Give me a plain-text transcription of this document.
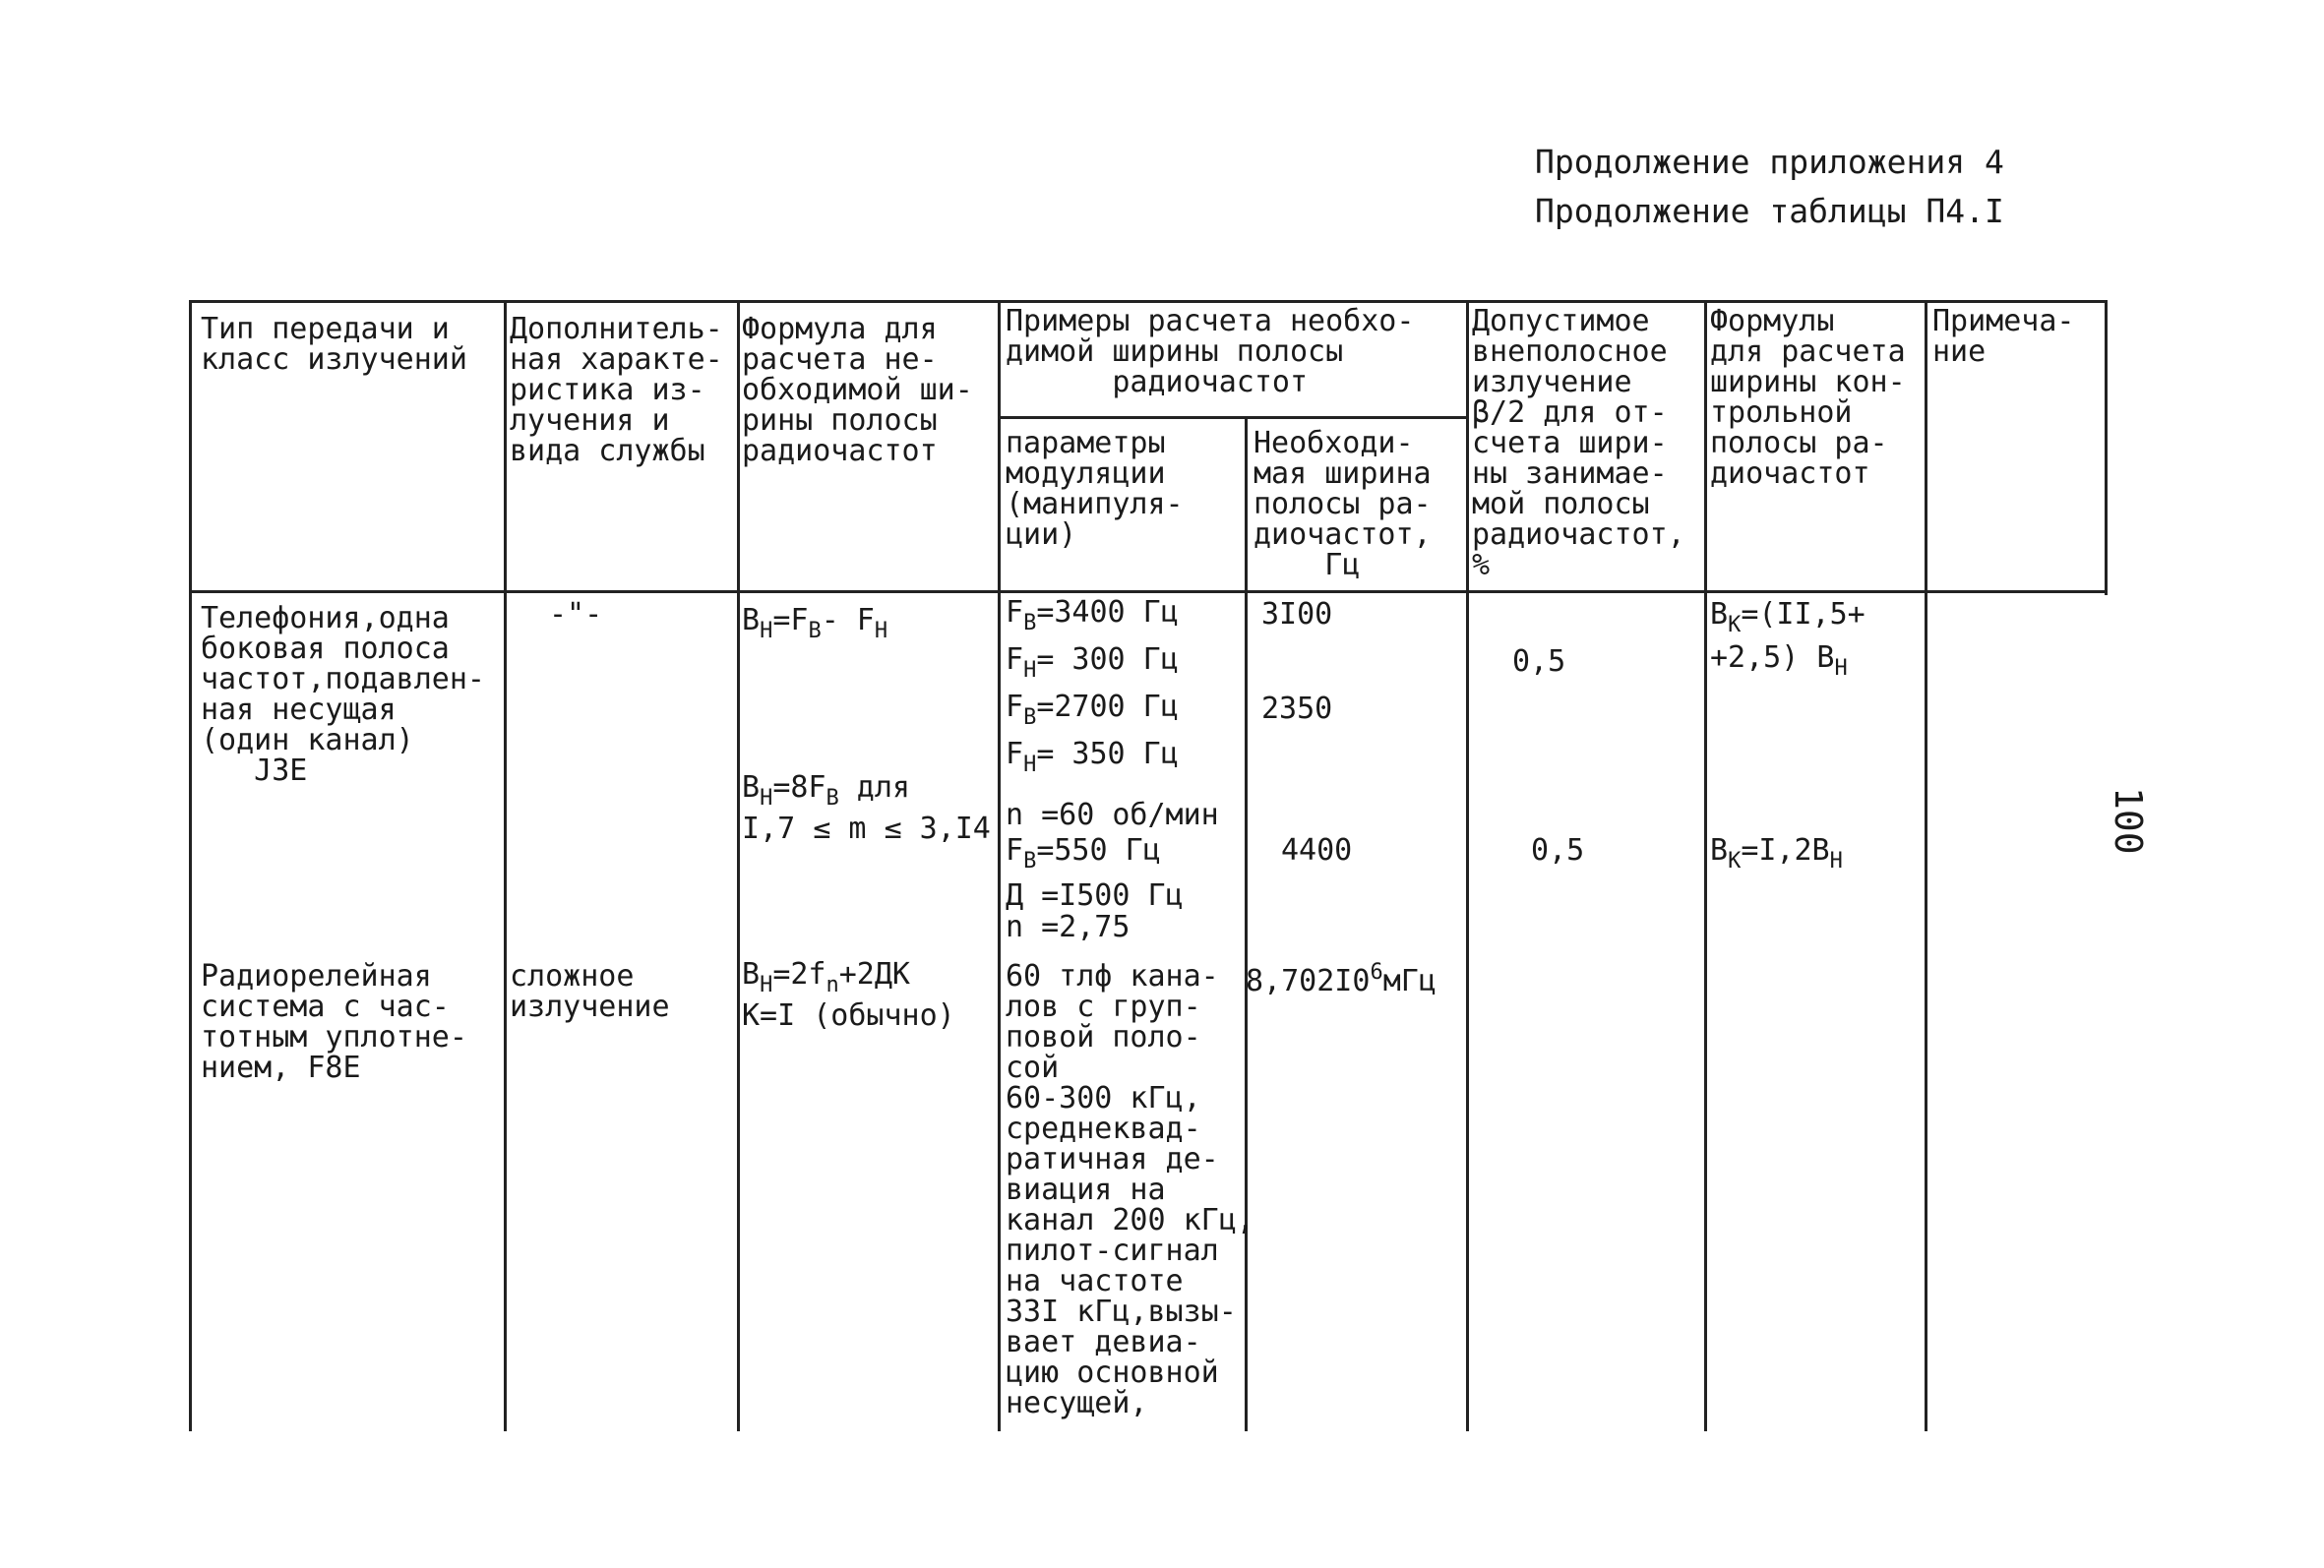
Продолжение приложения 4
Продолжение таблицы П4.I
100
Тип передачи и
класс излучений
Дополнитель-
ная характе-
ристика из-
лучения и
вида службы
Формула для
расчета не-
обходимой ши-
рины полосы
радиочастот
Примеры расчета необхо-
димой ширины полосы
радиочастот
параметры
модуляции
(манипуля-
ции)
Необходи-
мая ширина
полосы ра-
диочастот,
Гц
Допустимое
внеполосное
излучение
β/2 для от-
счета шири-
ны занимае-
мой полосы
радиочастот,
%
Формулы
для расчета
ширины кон-
трольной
полосы ра-
диочастот
Примеча-
ние
Телефония,одна
боковая полоса
частот,подавлен-
ная несущая
(один канал)
J3E
-"-	$B_H=F_B-$ $F_H$
$B_H=8F_B$ для
I,7 ≤ m ≤ 3,I4
$F_B=3400$ Гц
$F_H= 300$ Гц
$F_B=2700$ Гц
$F_H= 350$ Гц
n =60 об/мин
$F_B=550$ Гц
Д =I500 Гц
n =2,75
3I00
2350
4400
0,5
0,5
$B_K=(II,5+$
+2,5) $B_H$
$B_K=I,2B_H$
Радиорелейная
система с час-
тотным уплотне-
нием, F8E
сложное
излучение
$B_H=2f_n+2ДК$
K=I (обычно)
60 тлф кана-
лов с груп-
повой поло-
сой
60-300 кГц,
среднеквад-
ратичная де-
виация на
канал 200 кГц,
пилот-сигнал
на частоте
33I кГц,вызы-
вает девиа-
цию основной
несущей,
$8,702I0^6мГц$
